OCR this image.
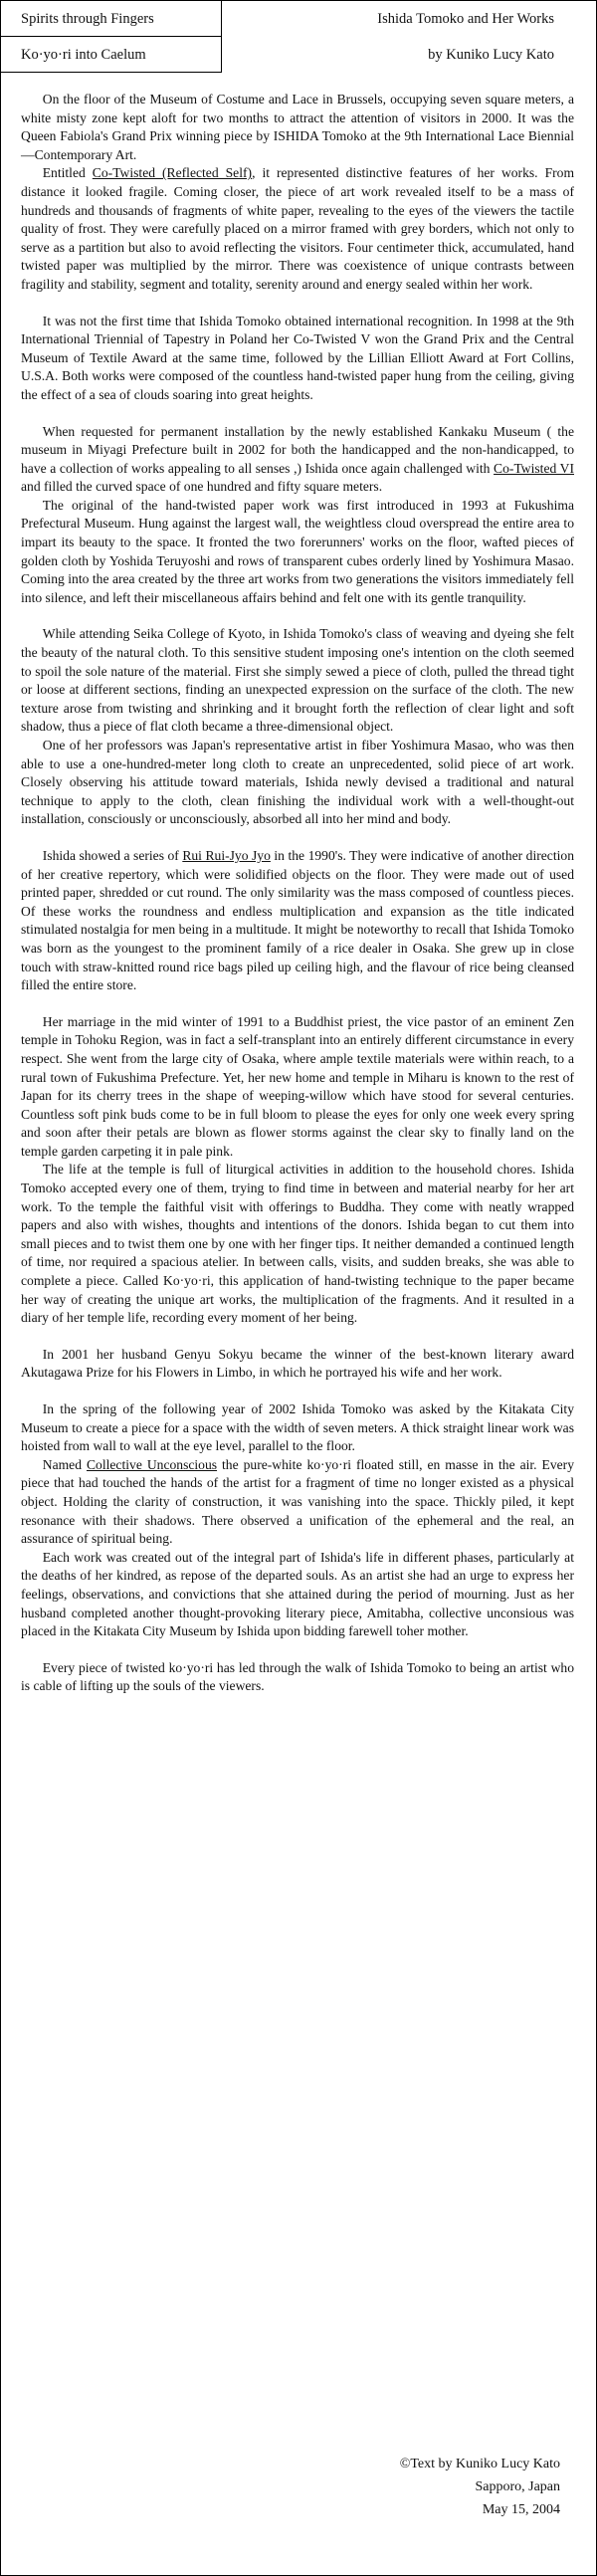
Spirits through Fingers
Ko·yo·ri into Caelum
Ishida Tomoko and Her Works
by Kuniko Lucy Kato

On the floor of the Museum of Costume and Lace in Brussels, occupying seven square meters, a white misty zone kept aloft for two months to attract the attention of visitors in 2000. It was the Queen Fabiola's Grand Prix winning piece by ISHIDA Tomoko at the 9th International Lace Biennial—Contemporary Art.

Entitled Co-Twisted (Reflected Self), it represented distinctive features of her works. From distance it looked fragile. Coming closer, the piece of art work revealed itself to be a mass of hundreds and thousands of fragments of white paper, revealing to the eyes of the viewers the tactile quality of frost. They were carefully placed on a mirror framed with grey borders, which not only to serve as a partition but also to avoid reflecting the visitors. Four centimeter thick, accumulated, hand twisted paper was multiplied by the mirror. There was coexistence of unique contrasts between fragility and stability, segment and totality, serenity around and energy sealed within her work.

It was not the first time that Ishida Tomoko obtained international recognition. In 1998 at the 9th International Triennial of Tapestry in Poland her Co-Twisted V won the Grand Prix and the Central Museum of Textile Award at the same time, followed by the Lillian Elliott Award at Fort Collins, U.S.A. Both works were composed of the countless hand-twisted paper hung from the ceiling, giving the effect of a sea of clouds soaring into great heights.

When requested for permanent installation by the newly established Kankaku Museum ( the museum in Miyagi Prefecture built in 2002 for both the handicapped and the non-handicapped, to have a collection of works appealing to all senses ,) Ishida once again challenged with Co-Twisted VI and filled the curved space of one hundred and fifty square meters.

The original of the hand-twisted paper work was first introduced in 1993 at Fukushima Prefectural Museum. Hung against the largest wall, the weightless cloud overspread the entire area to impart its beauty to the space. It fronted the two forerunners' works on the floor, wafted pieces of golden cloth by Yoshida Teruyoshi and rows of transparent cubes orderly lined by Yoshimura Masao. Coming into the area created by the three art works from two generations the visitors immediately fell into silence, and left their miscellaneous affairs behind and felt one with its gentle tranquility.

While attending Seika College of Kyoto, in Ishida Tomoko's class of weaving and dyeing she felt the beauty of the natural cloth. To this sensitive student imposing one's intention on the cloth seemed to spoil the sole nature of the material. First she simply sewed a piece of cloth, pulled the thread tight or loose at different sections, finding an unexpected expression on the surface of the cloth. The new texture arose from twisting and shrinking and it brought forth the reflection of clear light and soft shadow, thus a piece of flat cloth became a three-dimensional object.

One of her professors was Japan's representative artist in fiber Yoshimura Masao, who was then able to use a one-hundred-meter long cloth to create an unprecedented, solid piece of art work. Closely observing his attitude toward materials, Ishida newly devised a traditional and natural technique to apply to the cloth, clean finishing the individual work with a well-thought-out installation, consciously or unconsciously, absorbed all into her mind and body.

Ishida showed a series of Rui Rui-Jyo Jyo in the 1990's. They were indicative of another direction of her creative repertory, which were solidified objects on the floor. They were made out of used printed paper, shredded or cut round. The only similarity was the mass composed of countless pieces. Of these works the roundness and endless multiplication and expansion as the title indicated stimulated nostalgia for men being in a multitude. It might be noteworthy to recall that Ishida Tomoko was born as the youngest to the prominent family of a rice dealer in Osaka. She grew up in close touch with straw-knitted round rice bags piled up ceiling high, and the flavour of rice being cleansed filled the entire store.

Her marriage in the mid winter of 1991 to a Buddhist priest, the vice pastor of an eminent Zen temple in Tohoku Region, was in fact a self-transplant into an entirely different circumstance in every respect. She went from the large city of Osaka, where ample textile materials were within reach, to a rural town of Fukushima Prefecture. Yet, her new home and temple in Miharu is known to the rest of Japan for its cherry trees in the shape of weeping-willow which have stood for several centuries. Countless soft pink buds come to be in full bloom to please the eyes for only one week every spring and soon after their petals are blown as flower storms against the clear sky to finally land on the temple garden carpeting it in pale pink.

The life at the temple is full of liturgical activities in addition to the household chores. Ishida Tomoko accepted every one of them, trying to find time in between and material nearby for her art work. To the temple the faithful visit with offerings to Buddha. They come with neatly wrapped papers and also with wishes, thoughts and intentions of the donors. Ishida began to cut them into small pieces and to twist them one by one with her finger tips. It neither demanded a continued length of time, nor required a spacious atelier. In between calls, visits, and sudden breaks, she was able to complete a piece. Called Ko·yo·ri, this application of hand-twisting technique to the paper became her way of creating the unique art works, the multiplication of the fragments. And it resulted in a diary of her temple life, recording every moment of her being.

In 2001 her husband Genyu Sokyu became the winner of the best-known literary award Akutagawa Prize for his Flowers in Limbo, in which he portrayed his wife and her work.

In the spring of the following year of 2002 Ishida Tomoko was asked by the Kitakata City Museum to create a piece for a space with the width of seven meters. A thick straight linear work was hoisted from wall to wall at the eye level, parallel to the floor.

Named Collective Unconscious the pure-white ko·yo·ri floated still, en masse in the air. Every piece that had touched the hands of the artist for a fragment of time no longer existed as a physical object. Holding the clarity of construction, it was vanishing into the space. Thickly piled, it kept resonance with their shadows. There observed a unification of the ephemeral and the real, an assurance of spiritual being.

Each work was created out of the integral part of Ishida's life in different phases, particularly at the deaths of her kindred, as repose of the departed souls. As an artist she had an urge to express her feelings, observations, and convictions that she attained during the period of mourning. Just as her husband completed another thought-provoking literary piece, Amitabha, collective unconsious was placed in the Kitakata City Museum by Ishida upon bidding farewell toher mother.

Every piece of twisted ko·yo·ri has led through the walk of Ishida Tomoko to being an artist who is cable of lifting up the souls of the viewers.

©Text by Kuniko Lucy Kato
Sapporo, Japan
May 15, 2004
